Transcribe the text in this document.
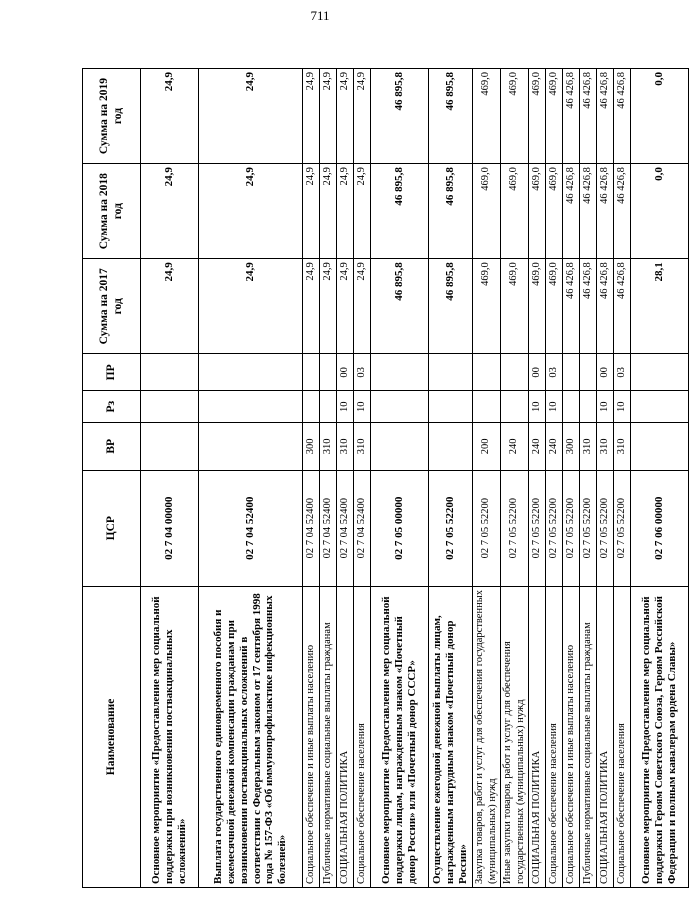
711
Наименование	ЦСР	ВР	Рз	ПР	Сумма на 2017 год	Сумма на 2018 год	Сумма на 2019 год
Основное мероприятие «Предоставление мер социальной поддержки при возникновении поствакцинальных осложнений»	02 7 04 00000				24,9	24,9	24,9
Выплата государственного единовременного пособия и ежемесячной денежной компенсации гражданам при возникновении поствакцинальных осложнений в соответствии с Федеральным законом от 17 сентября 1998 года № 157-ФЗ «Об иммунопрофилактике инфекционных болезней»	02 7 04 52400				24,9	24,9	24,9
Социальное обеспечение и иные выплаты населению	02 7 04 52400	300			24,9	24,9	24,9
Публичные нормативные социальные выплаты гражданам	02 7 04 52400	310			24,9	24,9	24,9
СОЦИАЛЬНАЯ ПОЛИТИКА	02 7 04 52400	310	10	00	24,9	24,9	24,9
Социальное обеспечение населения	02 7 04 52400	310	10	03	24,9	24,9	24,9
Основное мероприятие «Предоставление мер социальной поддержки лицам, награжденным знаком «Почетный донор России» или «Почетный донор СССР»	02 7 05 00000				46 895,8	46 895,8	46 895,8
Осуществление ежегодной денежной выплаты лицам, награжденным нагрудным знаком «Почетный донор России»	02 7 05 52200				46 895,8	46 895,8	46 895,8
Закупка товаров, работ и услуг для обеспечения государственных (муниципальных) нужд	02 7 05 52200	200			469,0	469,0	469,0
Иные закупки товаров, работ и услуг для обеспечения государственных (муниципальных) нужд	02 7 05 52200	240			469,0	469,0	469,0
СОЦИАЛЬНАЯ ПОЛИТИКА	02 7 05 52200	240	10	00	469,0	469,0	469,0
Социальное обеспечение населения	02 7 05 52200	240	10	03	469,0	469,0	469,0
Социальное обеспечение и иные выплаты населению	02 7 05 52200	300			46 426,8	46 426,8	46 426,8
Публичные нормативные социальные выплаты гражданам	02 7 05 52200	310			46 426,8	46 426,8	46 426,8
СОЦИАЛЬНАЯ ПОЛИТИКА	02 7 05 52200	310	10	00	46 426,8	46 426,8	46 426,8
Социальное обеспечение населения	02 7 05 52200	310	10	03	46 426,8	46 426,8	46 426,8
Основное мероприятие «Предоставление мер социальной поддержки Героям Советского Союза, Героям Российской Федерации и полным кавалерам ордена Славы»	02 7 06 00000				28,1	0,0	0,0
